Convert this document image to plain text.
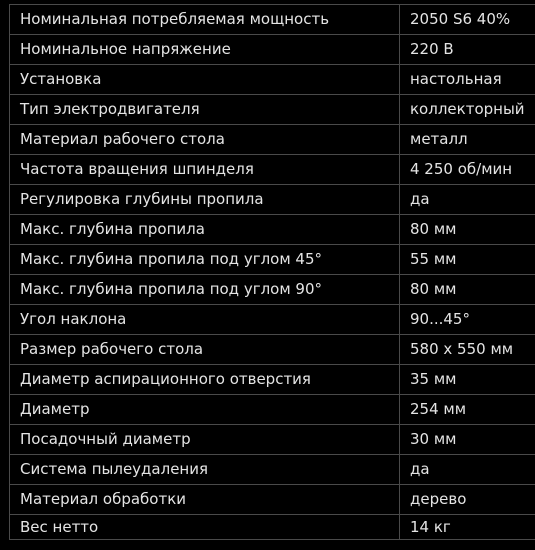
Номинальная потребляемая мощность	2050 S6 40%
Номинальное напряжение	220 В
Установка	настольная
Тип электродвигателя	коллекторный
Материал рабочего стола	металл
Частота вращения шпинделя	4 250 об/мин
Регулировка глубины пропила	да
Макс. глубина пропила	80 мм
Макс. глубина пропила под углом 45°	55 мм
Макс. глубина пропила под углом 90°	80 мм
Угол наклона	90...45°
Размер рабочего стола	580 х 550 мм
Диаметр аспирационного отверстия	35 мм
Диаметр	254 мм
Посадочный диаметр	30 мм
Система пылеудаления	да
Материал обработки	дерево
Вес нетто	14 кг
